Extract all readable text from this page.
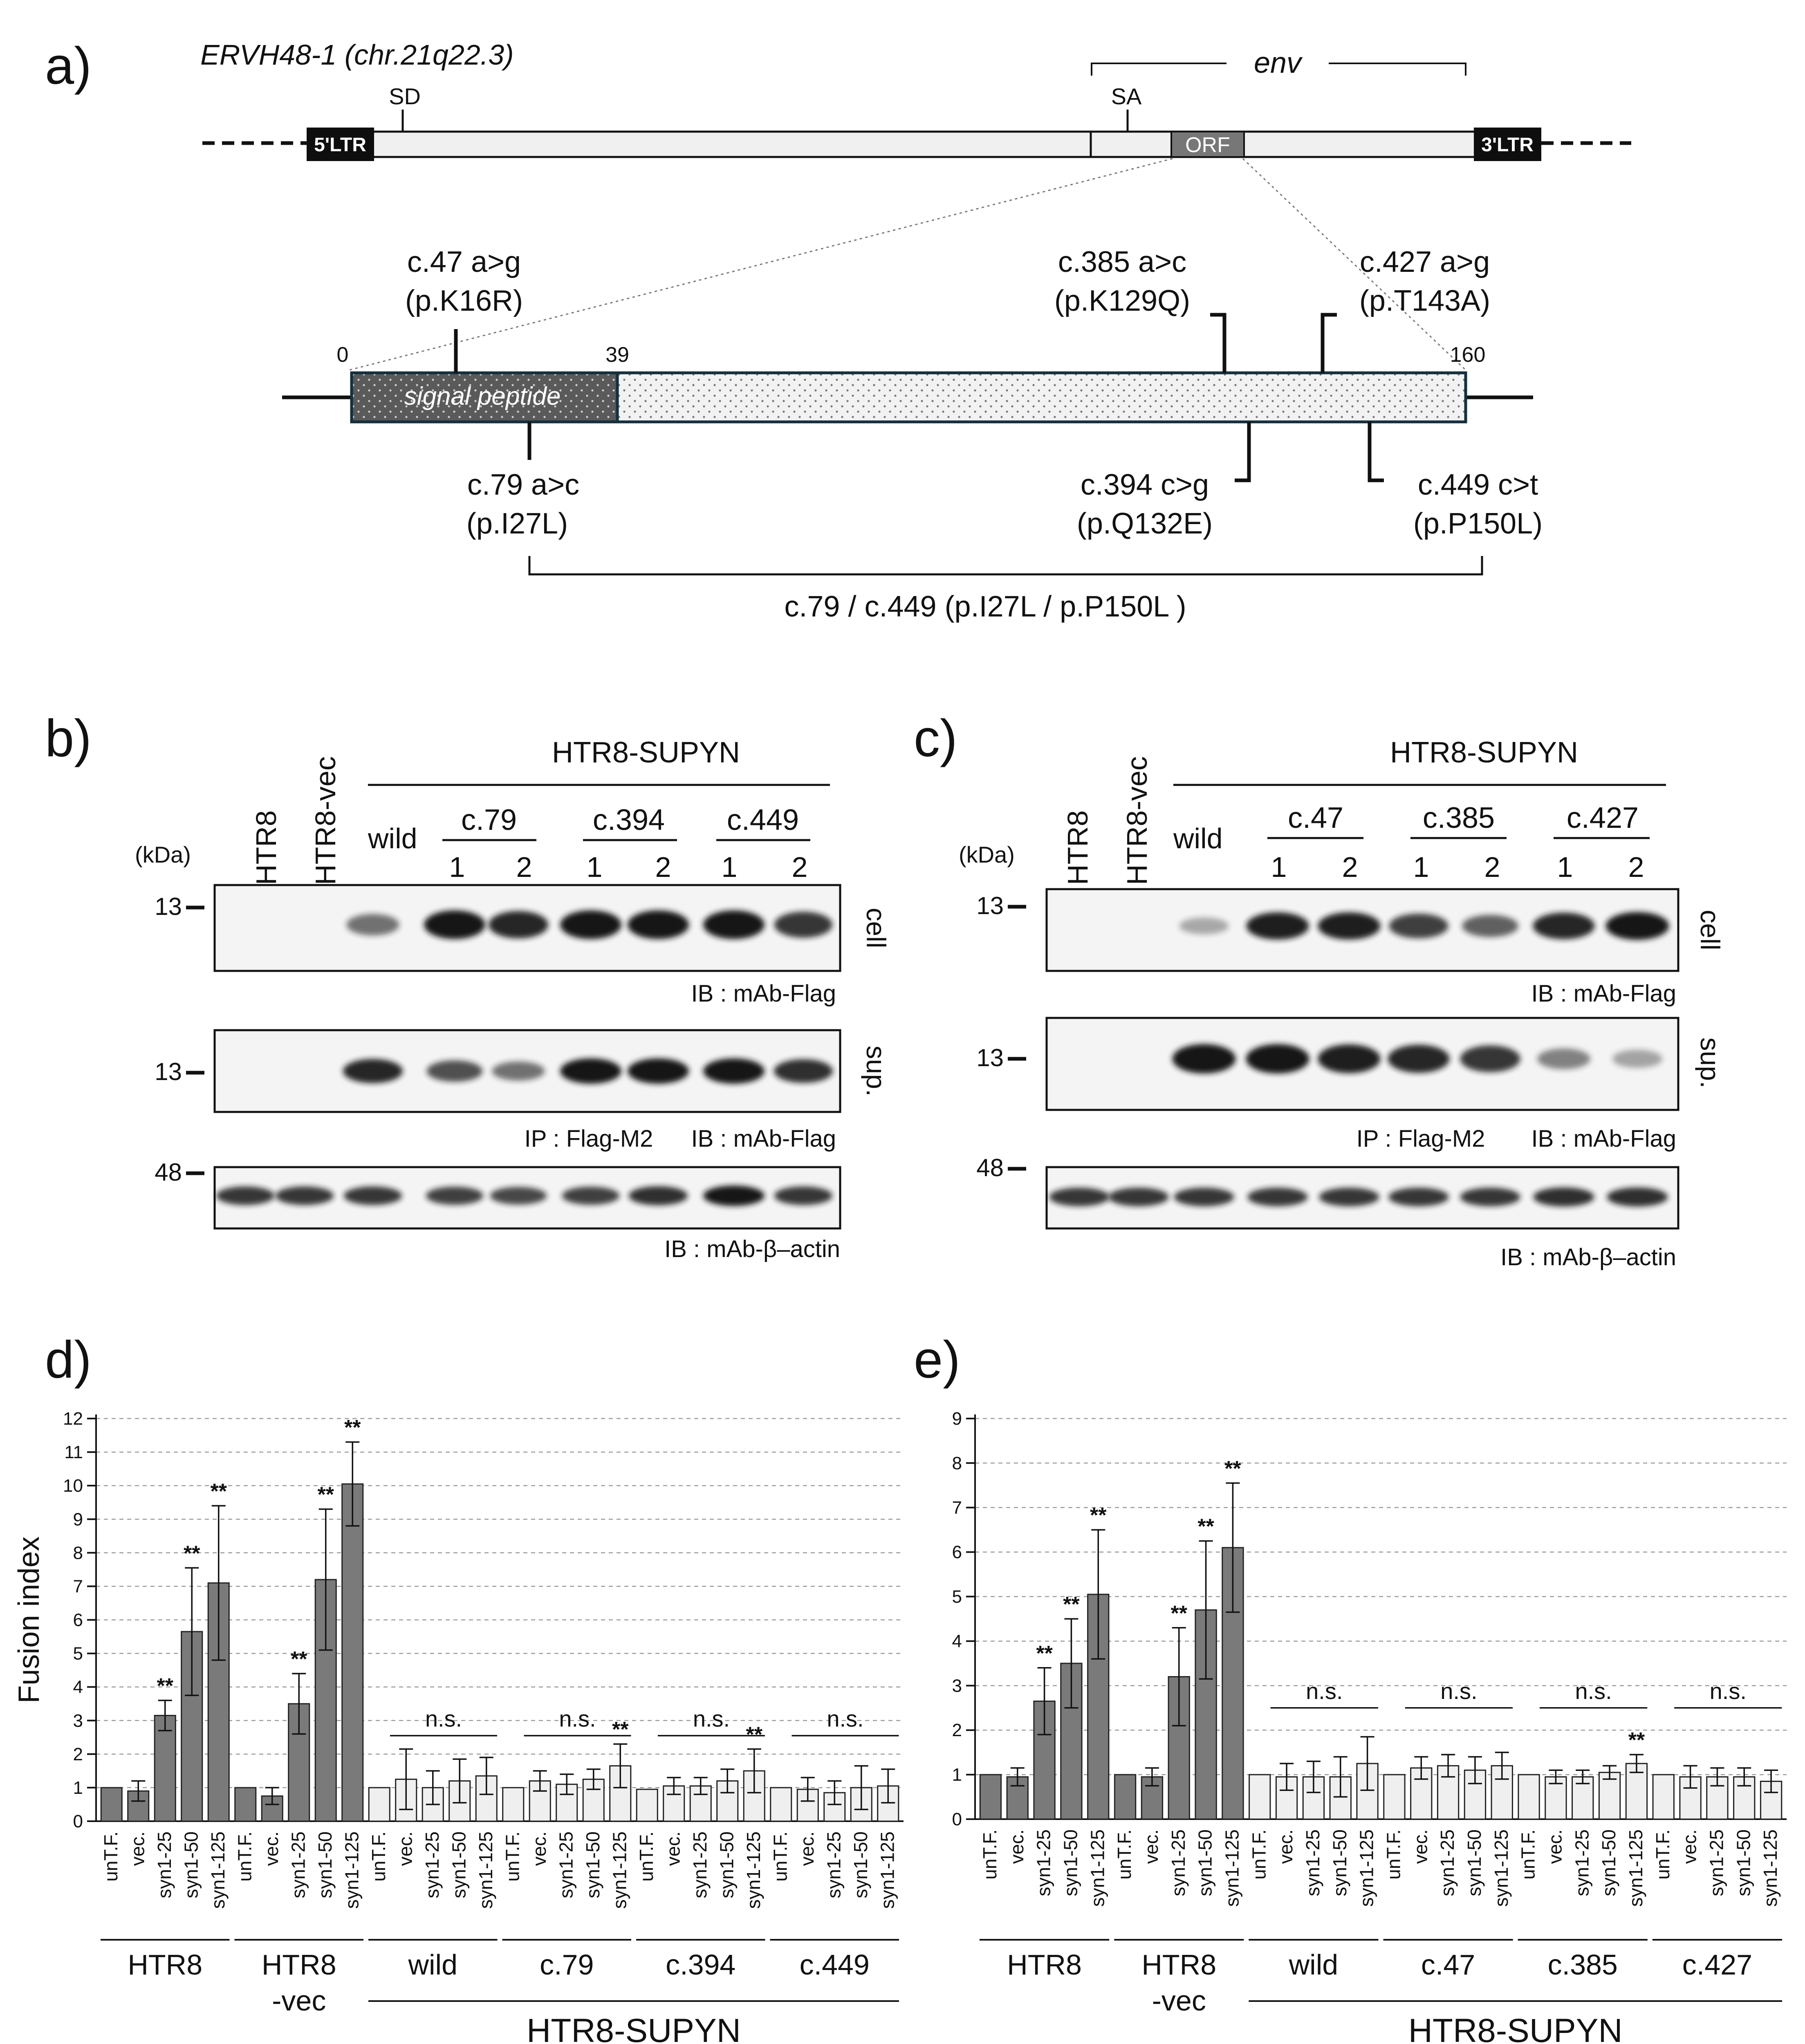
a)	ERVH48-1 (chr.21q22.3)
ORF
5'LTR	3'LTR
SD	SA
env
signal peptide
0	39	160
c.47 a>g
(p.K16R)
c.385 a>c
(p.K129Q)
c.427 a>g
(p.T143A)
c.79 a>c
(p.I27L)
c.394 c>g
(p.Q132E)
c.449 c>t
(p.P150L)
c.79 / c.449 (p.I27L / p.P150L )
b)	HTR8-SUPYN
(kDa) HTR8 HTR8-vec wild
c.79	c.394 c.449
1 2 1 2 1 2
13
13
48
cell
sup.
IB : mAb-Flag
IP : Flag-M2 IB : mAb-Flag
IB : mAb-β–actin
c)	HTR8-SUPYN
(kDa) HTR8 HTR8-vec wild
c.47	c.385 c.427
1 2 1 2 1 2
13
13
48
cell
sup.
IB : mAb-Flag
IP : Flag-M2 IB : mAb-Flag
IB : mAb-β–actin
d)
0
1
2
3
4
5
6
7
8
9
10
11
12
Fusion index
unT.F. vec.
**
syn1-25
**
syn1-50
**
syn1-125
HTR8
unT.F. vec.
**
syn1-25
**
syn1-50
**
syn1-125
HTR8
-vec
unT.F. vec. syn1-25 syn1-50 syn1-125
n.s.
wild
unT.F. vec. syn1-25 syn1-50
**
syn1-125
n.s.
c.79
unT.F. vec. syn1-25 syn1-50
**
syn1-125
n.s.
c.394
unT.F. vec. syn1-25 syn1-50 syn1-125
n.s.
c.449
HTR8-SUPYN
e)
0
1
2
3
4
5
6
7
8
9
unT.F. vec.
**
syn1-25
**
syn1-50
**
syn1-125
HTR8
unT.F. vec.
**
syn1-25
**
syn1-50
**
syn1-125
HTR8
-vec
unT.F. vec. syn1-25 syn1-50 syn1-125
n.s.
wild
unT.F. vec. syn1-25 syn1-50 syn1-125
n.s.
c.47
unT.F. vec. syn1-25 syn1-50
**
syn1-125
n.s.
c.385
unT.F. vec. syn1-25 syn1-50 syn1-125
n.s.
c.427
HTR8-SUPYN
